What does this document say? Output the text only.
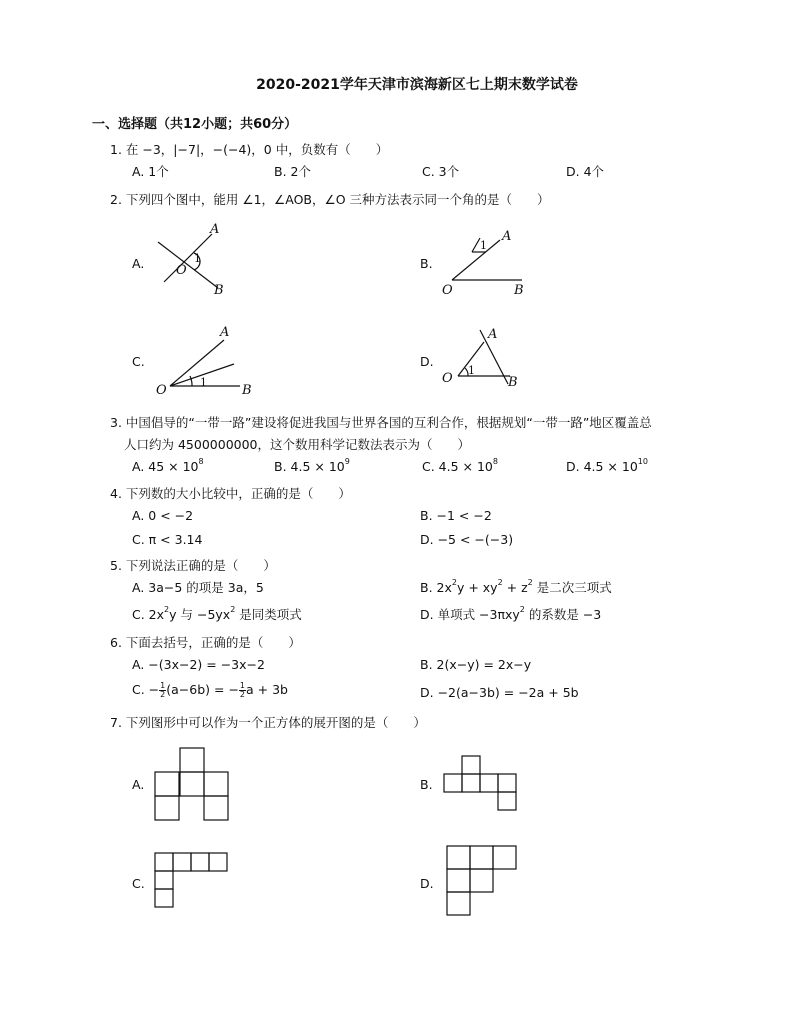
2020-2021学年天津市滨海新区七上期末数学试卷
一、选择题（共12小题；共60分）
1. 在 −3，|−7|，−(−4)，0 中，负数有（　　）
A. 1个	B. 2个	C. 3个	D. 4个
2. 下列四个图中，能用 ∠1，∠AOB，∠O 三种方法表示同一个角的是（　　）
A.	B.
C.	D.
A
B
O
1
A
B
O
1
A
B
O
1
A
B
O
1
3. 中国倡导的“一带一路”建设将促进我国与世界各国的互利合作，根据规划“一带一路”地区覆盖总
人口约为 4500000000，这个数用科学记数法表示为（　　）
A. $45 \times 10^8$	B. $4.5 \times 10^9$	C. $4.5 \times 10^8$	D. $4.5 \times 10^{10}$
4. 下列数的大小比较中，正确的是（　　）
A. 0 < −2	B. −1 < −2
C. π < 3.14	D. −5 < −(−3)
5. 下列说法正确的是（　　）
A. 3a−5 的项是 3a，5	B. $2x^2y + xy^2 + z^2$ 是二次三项式
C. $2x^2y$ 与 $-5yx^2$ 是同类项式	D. 单项式 −3πxy$^2$ 的系数是 −3
6. 下面去括号，正确的是（　　）
A. −(3x−2) = −3x−2	B. 2(x−y) = 2x−y
C. − $\frac{1}{2} (a-6b)$ = − $\frac{1}{2}$ a + 3b	D. −2(a−3b) = −2a + 5b
7. 下列图形中可以作为一个正方体的展开图的是（　　）
A.	B.
C.	D.
